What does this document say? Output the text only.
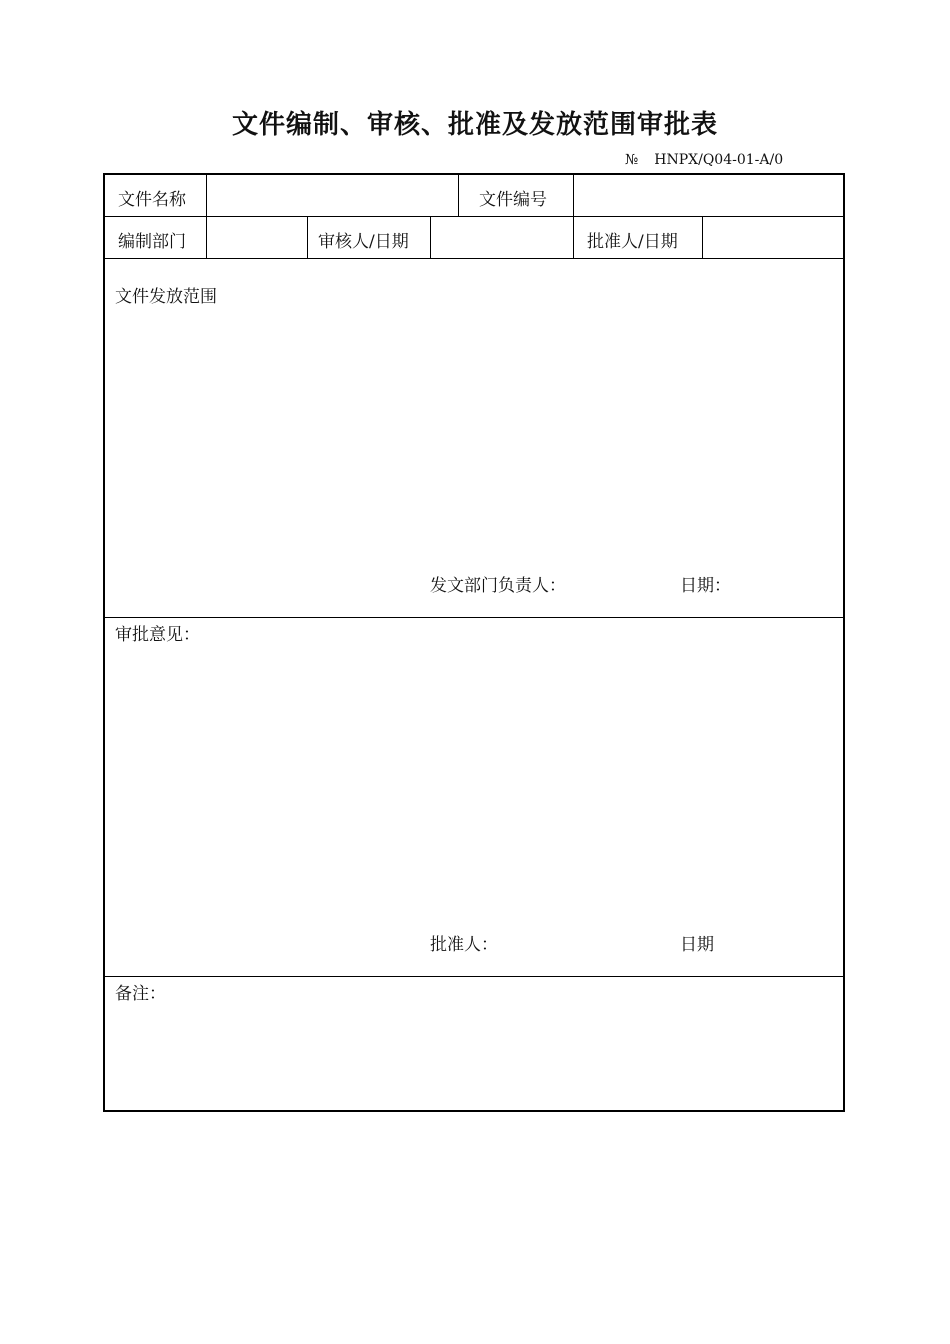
文件编制、审核、批准及发放范围审批表
№ HNPX/Q04-01-A/0
文件名称	文件编号
编制部门	审核人/日期	批准人/日期
文件发放范围
发文部门负责人：	日期：
审批意见：
批准人：	日期
备注：
